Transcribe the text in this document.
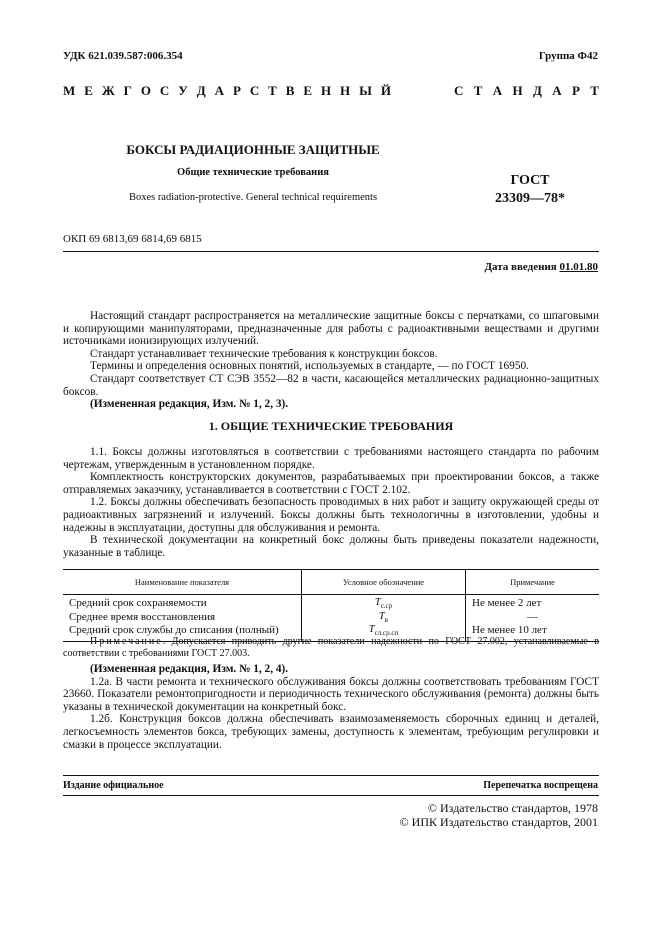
УДК 621.039.587:006.354	Группа Ф42
М Е Ж Г О С У Д А Р С Т В Е Н Н Ы Й	С Т А Н Д А Р Т
БОКСЫ РАДИАЦИОННЫЕ ЗАЩИТНЫЕ
Общие технические требования
Boxes radiation-protective. General technical requirements
ГОСТ
23309—78*
ОКП 69 6813,69 6814,69 6815
Дата введения 01.01.80

Настоящий стандарт распространяется на металлические защитные боксы с перчатками, со шпаговыми и копирующими манипуляторами, предназначенные для работы с радиоактивными веществами и другими источниками ионизирующих излучений.

Стандарт устанавливает технические требования к конструкции боксов.

Термины и определения основных понятий, используемых в стандарте, — по ГОСТ 16950.

Стандарт соответствует СТ СЭВ 3552—82 в части, касающейся металлических радиационно-защитных боксов.

(Измененная редакция, Изм. № 1, 2, 3).

1. ОБЩИЕ ТЕХНИЧЕСКИЕ ТРЕБОВАНИЯ

1.1. Боксы должны изготовляться в соответствии с требованиями настоящего стандарта по рабочим чертежам, утвержденным в установленном порядке.

Комплектность конструкторских документов, разрабатываемых при проектировании боксов, а также отправляемых заказчику, устанавливается в соответствии с ГОСТ 2.102.

1.2. Боксы должны обеспечивать безопасность проводимых в них работ и защиту окружающей среды от радиоактивных загрязнений и излучений. Боксы должны быть технологичны в изготовлении, удобны и надежны в эксплуатации, доступны для обслуживания и ремонта.

В технической документации на конкретный бокс должны быть приведены показатели надежности, указанные в таблице.

Наименование показателя	Условное обозначение	Примечание
Средний срок сохраняемости	$T_{с.ср}$	Не менее 2 лет
Среднее время восстановления	$T_в$	—
Средний срок службы до списания (полный)	$T_{сл.ср.сп}$	Не менее 10 лет
Примечание. Допускается приводить другие показатели надежности по ГОСТ 27.002, устанавливаемые в соответствии с требованиями ГОСТ 27.003.

(Измененная редакция, Изм. № 1, 2, 4).

1.2а. В части ремонта и технического обслуживания боксы должны соответствовать требованиям ГОСТ 23660. Показатели ремонтопригодности и периодичность технического обслуживания (ремонта) должны быть указаны в технической документации на конкретный бокс.

1.2б. Конструкция боксов должна обеспечивать взаимозаменяемость сборочных единиц и деталей, легкосъемность элементов бокса, требующих замены, доступность к элементам, требующим регулировки и смазки в процессе эксплуатации.

Издание официальное	Перепечатка воспрещена
© Издательство стандартов, 1978
© ИПК Издательство стандартов, 2001
